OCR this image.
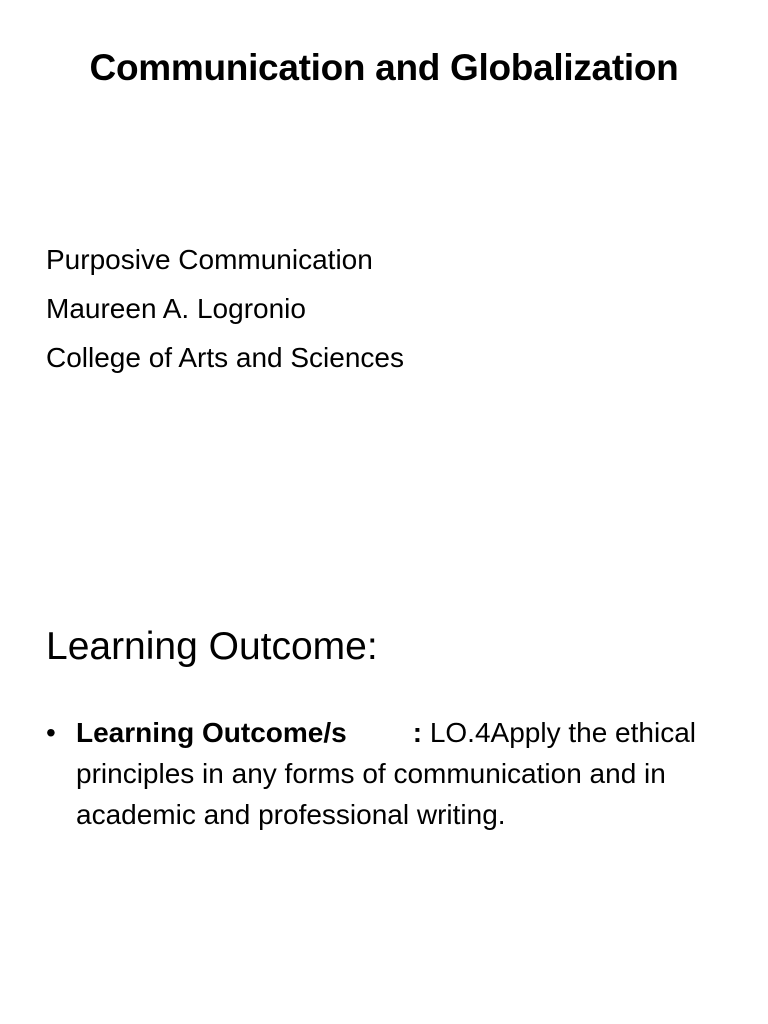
Communication and Globalization
Purposive Communication
Maureen A. Logronio
College of Arts and Sciences
Learning Outcome:
• Learning Outcome/s : LO.4Apply the ethical principles in any forms of communication and in academic and professional writing.
